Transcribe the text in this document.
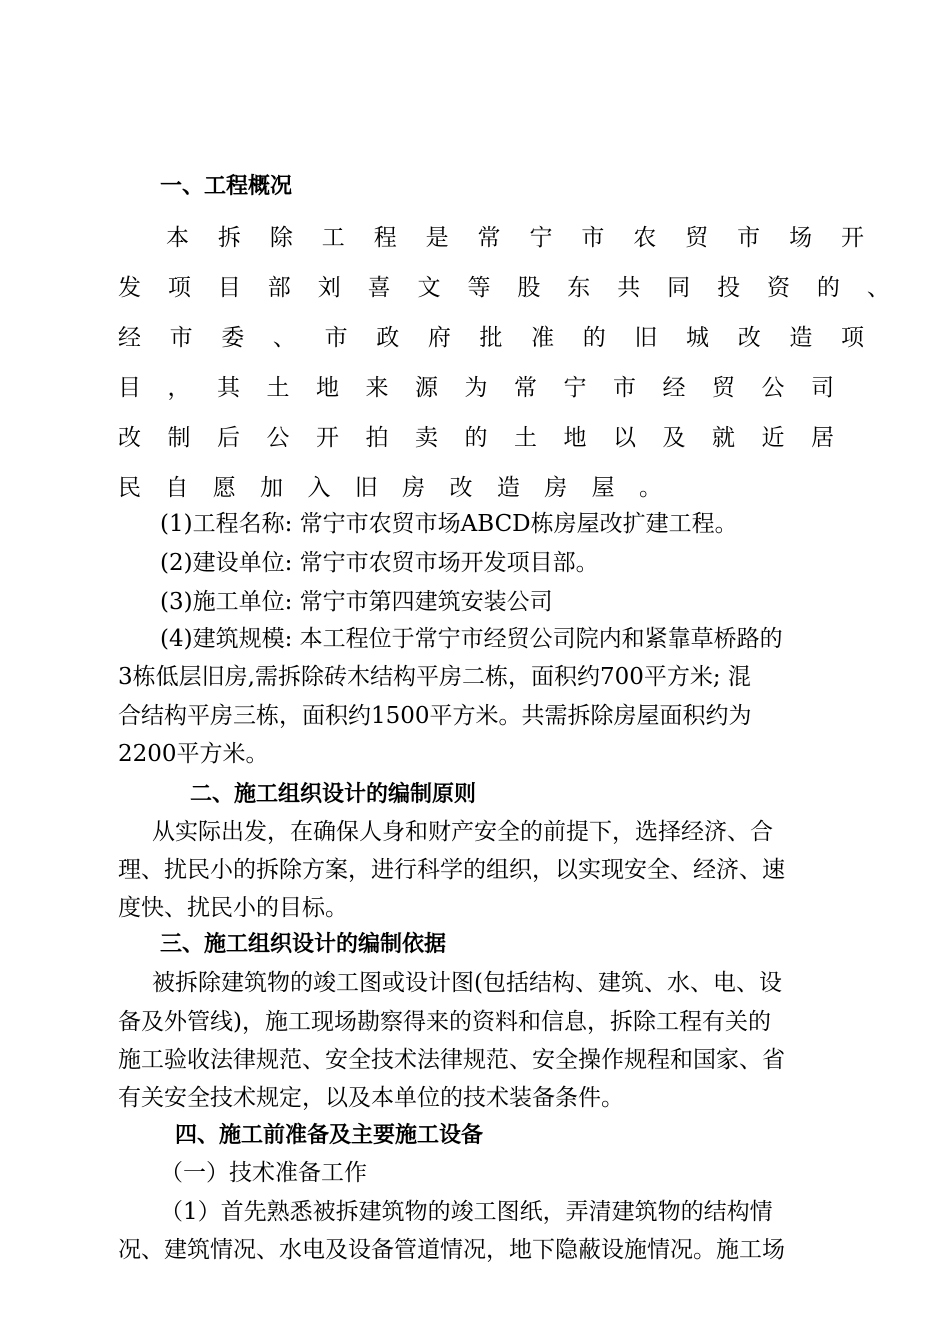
一、工程概况
本 拆 除 工 程 是 常 宁 市 农 贸 市 场 开
发 项 目 部 刘 喜 文 等 股 东 共 同 投 资 的 、
经 市 委 、 市 政 府 批 准 的 旧 城 改 造 项
目 ， 其 土 地 来 源 为 常 宁 市 经 贸 公 司
改 制 后 公 开 拍 卖 的 土 地 以 及 就 近 居
民 自 愿 加 入 旧 房 改 造 房 屋 。
(1)工程名称: 常宁市农贸市场ABCD栋房屋改扩建工程。
(2)建设单位: 常宁市农贸市场开发项目部。
(3)施工单位: 常宁市第四建筑安装公司
(4)建筑规模: 本工程位于常宁市经贸公司院内和紧靠草桥路的
3栋低层旧房,需拆除砖木结构平房二栋，面积约700平方米; 混
合结构平房三栋，面积约1500平方米。共需拆除房屋面积约为
2200平方米。
二、施工组织设计的编制原则
从实际出发，在确保人身和财产安全的前提下，选择经济、合
理、扰民小的拆除方案，进行科学的组织，以实现安全、经济、速
度快、扰民小的目标。
三、施工组织设计的编制依据
被拆除建筑物的竣工图或设计图(包括结构、建筑、水、电、设
备及外管线)，施工现场勘察得来的资料和信息，拆除工程有关的
施工验收法律规范、安全技术法律规范、安全操作规程和国家、省
有关安全技术规定，以及本单位的技术装备条件。
四、施工前准备及主要施工设备
（一）技术准备工作
（1）首先熟悉被拆建筑物的竣工图纸，弄清建筑物的结构情
况、建筑情况、水电及设备管道情况，地下隐蔽设施情况。施工场
